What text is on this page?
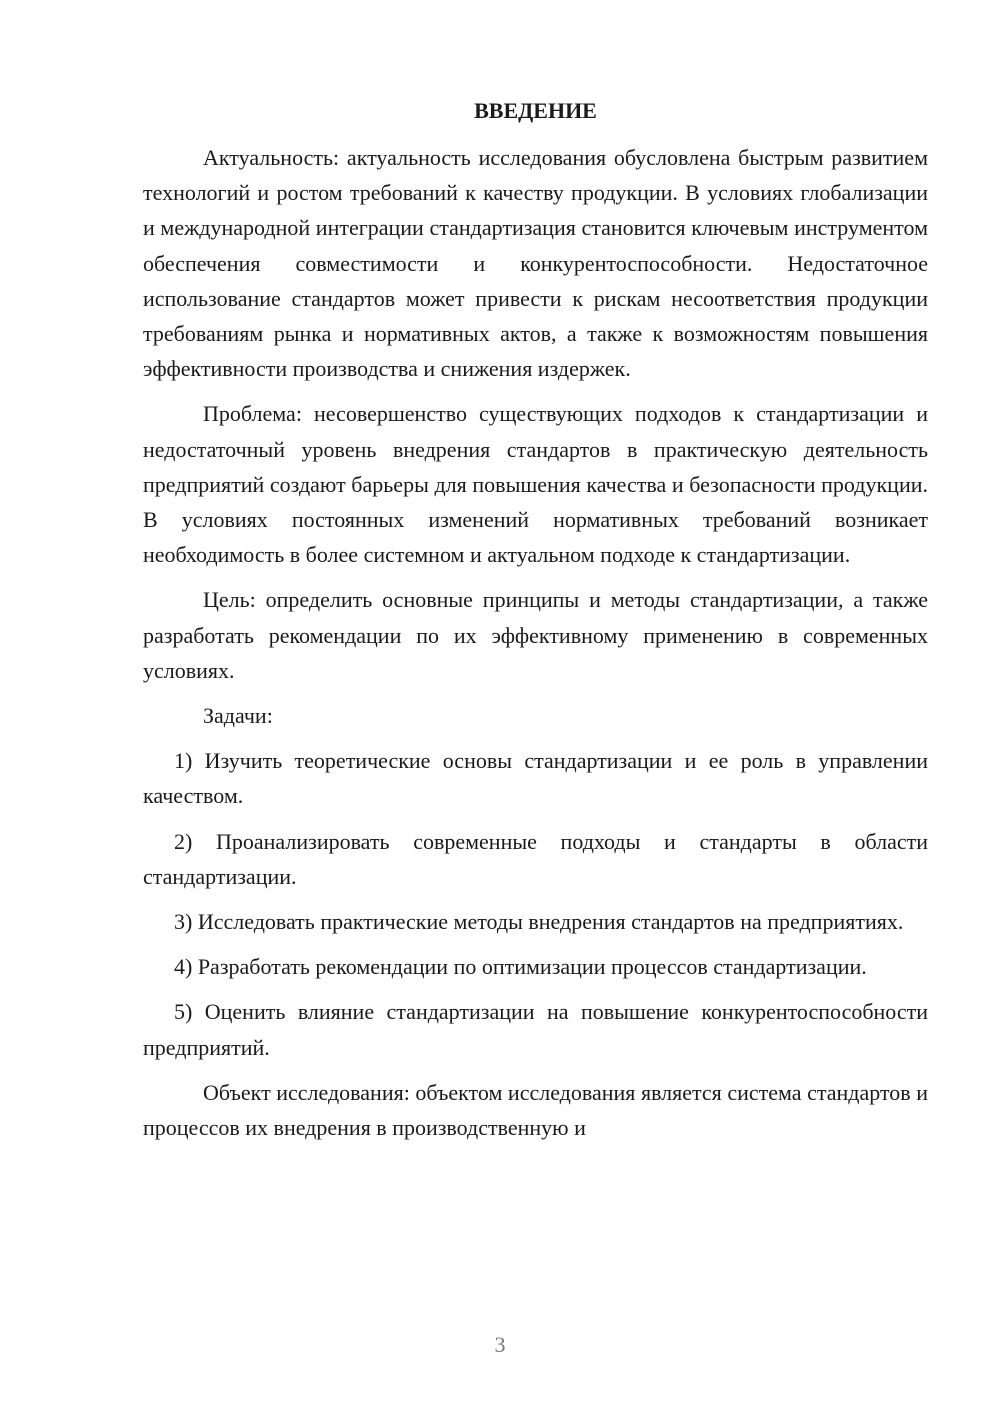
ВВЕДЕНИЕ

Актуальность: актуальность исследования обусловлена быстрым развитием технологий и ростом требований к качеству продукции. В условиях глобализации и международной интеграции стандартизация становится ключевым инструментом обеспечения совместимости и конкурентоспособности. Недостаточное использование стандартов может привести к рискам несоответствия продукции требованиям рынка и нормативных актов, а также к возможностям повышения эффективности производства и снижения издержек.

Проблема: несовершенство существующих подходов к стандартизации и недостаточный уровень внедрения стандартов в практическую деятельность предприятий создают барьеры для повышения качества и безопасности продукции. В условиях постоянных изменений нормативных требований возникает необходимость в более системном и актуальном подходе к стандартизации.

Цель: определить основные принципы и методы стандартизации, а также разработать рекомендации по их эффективному применению в современных условиях.

Задачи:

1) Изучить теоретические основы стандартизации и ее роль в управлении качеством.

2) Проанализировать современные подходы и стандарты в области стандартизации.

3) Исследовать практические методы внедрения стандартов на предприятиях.

4) Разработать рекомендации по оптимизации процессов стандартизации.

5) Оценить влияние стандартизации на повышение конкурентоспособности предприятий.

Объект исследования: объектом исследования является система стандартов и процессов их внедрения в производственную и

3
